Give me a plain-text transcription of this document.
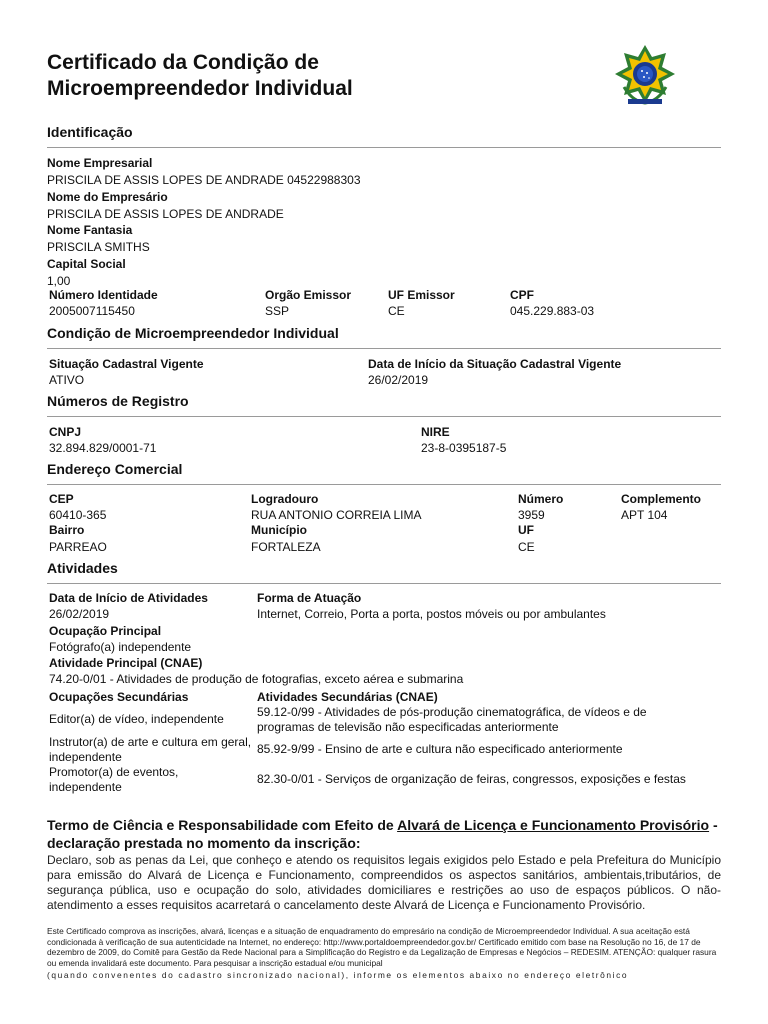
Certificado da Condição de
Microempreendedor Individual
Identificação
Nome Empresarial
PRISCILA DE ASSIS LOPES DE ANDRADE 04522988303
Nome do Empresário
PRISCILA DE ASSIS LOPES DE ANDRADE
Nome Fantasia
PRISCILA SMITHS
Capital Social
1,00
Número Identidade
2005007115450
Orgão Emissor
SSP
UF Emissor
CE
CPF
045.229.883-03
Condição de Microempreendedor Individual
Situação Cadastral Vigente
ATIVO
Data de Início da Situação Cadastral Vigente
26/02/2019
Números de Registro
CNPJ
32.894.829/0001-71
NIRE
23-8-0395187-5
Endereço Comercial
CEP
60410-365
Logradouro
RUA ANTONIO CORREIA LIMA
Número
3959
Complemento
APT 104
Bairro
PARREAO
Município
FORTALEZA
UF
CE
Atividades
Data de Início de Atividades
26/02/2019
Forma de Atuação
Internet, Correio, Porta a porta, postos móveis ou por ambulantes
Ocupação Principal
Fotógrafo(a) independente
Atividade Principal (CNAE)
74.20-0/01 - Atividades de produção de fotografias, exceto aérea e submarina
Ocupações Secundárias	Atividades Secundárias (CNAE)
Editor(a) de vídeo, independente	59.12-0/99 - Atividades de pós-produção cinematográfica, de vídeos e de programas de televisão não especificadas anteriormente
Instrutor(a) de arte e cultura em geral, independente
85.92-9/99 - Ensino de arte e cultura não especificado anteriormente
Promotor(a) de eventos, independente
82.30-0/01 - Serviços de organização de feiras, congressos, exposições e festas
Termo de Ciência e Responsabilidade com Efeito de Alvará de Licença e Funcionamento Provisório - declaração prestada no momento da inscrição:
Declaro, sob as penas da Lei, que conheço e atendo os requisitos legais exigidos pelo Estado e pela Prefeitura do Município para emissão do Alvará de Licença e Funcionamento, compreendidos os aspectos sanitários, ambientais,tributários, de segurança pública, uso e ocupação do solo, atividades domiciliares e restrições ao uso de espaços públicos. O não-atendimento a esses requisitos acarretará o cancelamento deste Alvará de Licença e Funcionamento Provisório.
Este Certificado comprova as inscrições, alvará, licenças e a situação de enquadramento do empresário na condição de Microempreendedor Individual. A sua aceitação está condicionada à verificação de sua autenticidade na Internet, no endereço: http://www.portaldoempreendedor.gov.br/ Certificado emitido com base na Resolução no 16, de 17 de dezembro de 2009, do Comitê para Gestão da Rede Nacional para a Simplificação do Registro e da Legalização de Empresas e Negócios – REDESIM. ATENÇÃO: qualquer rasura ou emenda invalidará este documento. Para pesquisar a inscrição estadual e/ou municipal
(quando convenentes do cadastro sincronizado nacional), informe os elementos abaixo no endereço eletrônico
